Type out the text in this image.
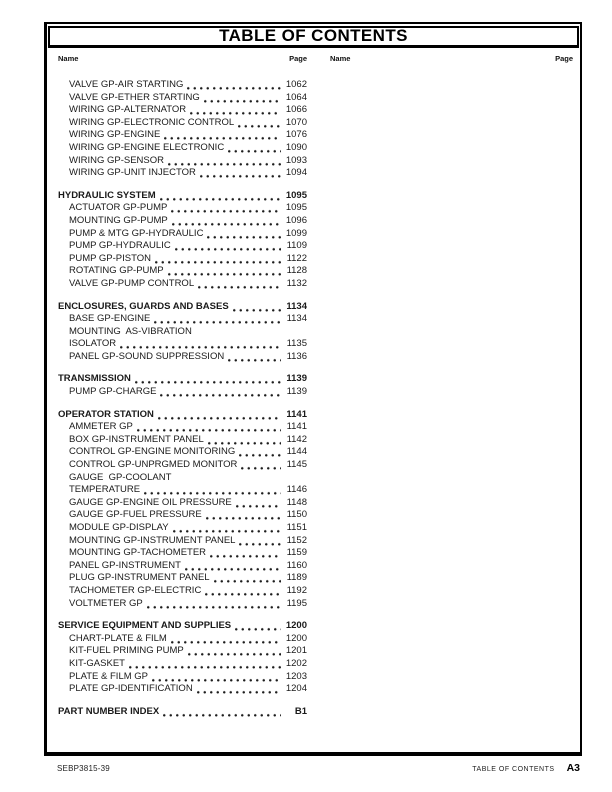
TABLE OF CONTENTS
Name	Page	Name	Page
VALVE GP-AIR STARTING	1062
VALVE GP-ETHER STARTING	1064
WIRING GP-ALTERNATOR	1066
WIRING GP-ELECTRONIC CONTROL	1070
WIRING GP-ENGINE	1076
WIRING GP-ENGINE ELECTRONIC	1090
WIRING GP-SENSOR	1093
WIRING GP-UNIT INJECTOR	1094
HYDRAULIC SYSTEM	1095
ACTUATOR GP-PUMP	1095
MOUNTING GP-PUMP	1096
PUMP & MTG GP-HYDRAULIC	1099
PUMP GP-HYDRAULIC	1109
PUMP GP-PISTON	1122
ROTATING GP-PUMP	1128
VALVE GP-PUMP CONTROL	1132
ENCLOSURES, GUARDS AND BASES	1134
BASE GP-ENGINE	1134
MOUNTING  AS-VIBRATION
ISOLATOR	1135
PANEL GP-SOUND SUPPRESSION	1136
TRANSMISSION	1139
PUMP GP-CHARGE	1139
OPERATOR STATION	1141
AMMETER GP	1141
BOX GP-INSTRUMENT PANEL	1142
CONTROL GP-ENGINE MONITORING	1144
CONTROL GP-UNPRGMED MONITOR	1145
GAUGE  GP-COOLANT
TEMPERATURE	1146
GAUGE GP-ENGINE OIL PRESSURE	1148
GAUGE GP-FUEL PRESSURE	1150
MODULE GP-DISPLAY	1151
MOUNTING GP-INSTRUMENT PANEL	1152
MOUNTING GP-TACHOMETER	1159
PANEL GP-INSTRUMENT	1160
PLUG GP-INSTRUMENT PANEL	1189
TACHOMETER GP-ELECTRIC	1192
VOLTMETER GP	1195
SERVICE EQUIPMENT AND SUPPLIES	1200
CHART-PLATE & FILM	1200
KIT-FUEL PRIMING PUMP	1201
KIT-GASKET	1202
PLATE & FILM GP	1203
PLATE GP-IDENTIFICATION	1204
PART NUMBER INDEX	B1
SEBP3815-39	TABLE OF CONTENTS A3
